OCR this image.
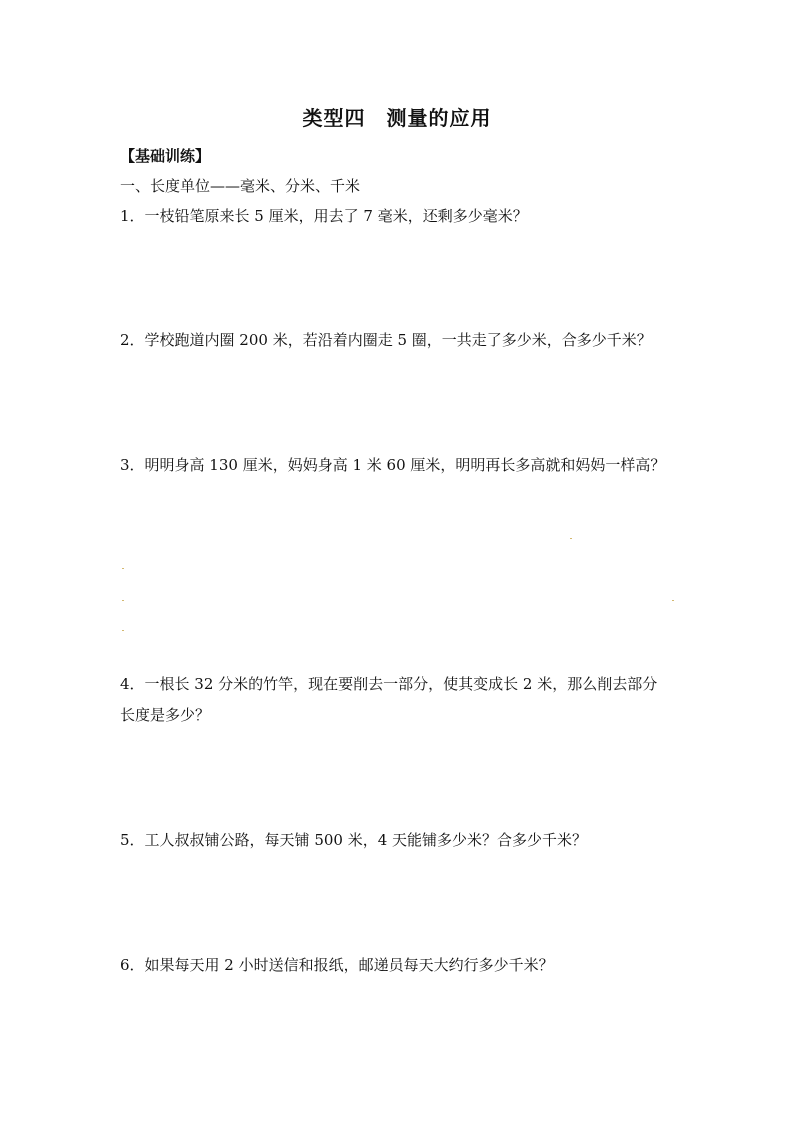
类型四　测量的应用
【基础训练】
一、长度单位——毫米、分米、千米
1．一枝铅笔原来长 5 厘米，用去了 7 毫米，还剩多少毫米？
2．学校跑道内圈 200 米，若沿着内圈走 5 圈，一共走了多少米，合多少千米？
3．明明身高 130 厘米，妈妈身高 1 米 60 厘米，明明再长多高就和妈妈一样高？
4．一根长 32 分米的竹竿，现在要削去一部分，使其变成长 2 米，那么削去部分
长度是多少？
5．工人叔叔铺公路，每天铺 500 米，4 天能铺多少米？合多少千米？
6．如果每天用 2 小时送信和报纸，邮递员每天大约行多少千米？
